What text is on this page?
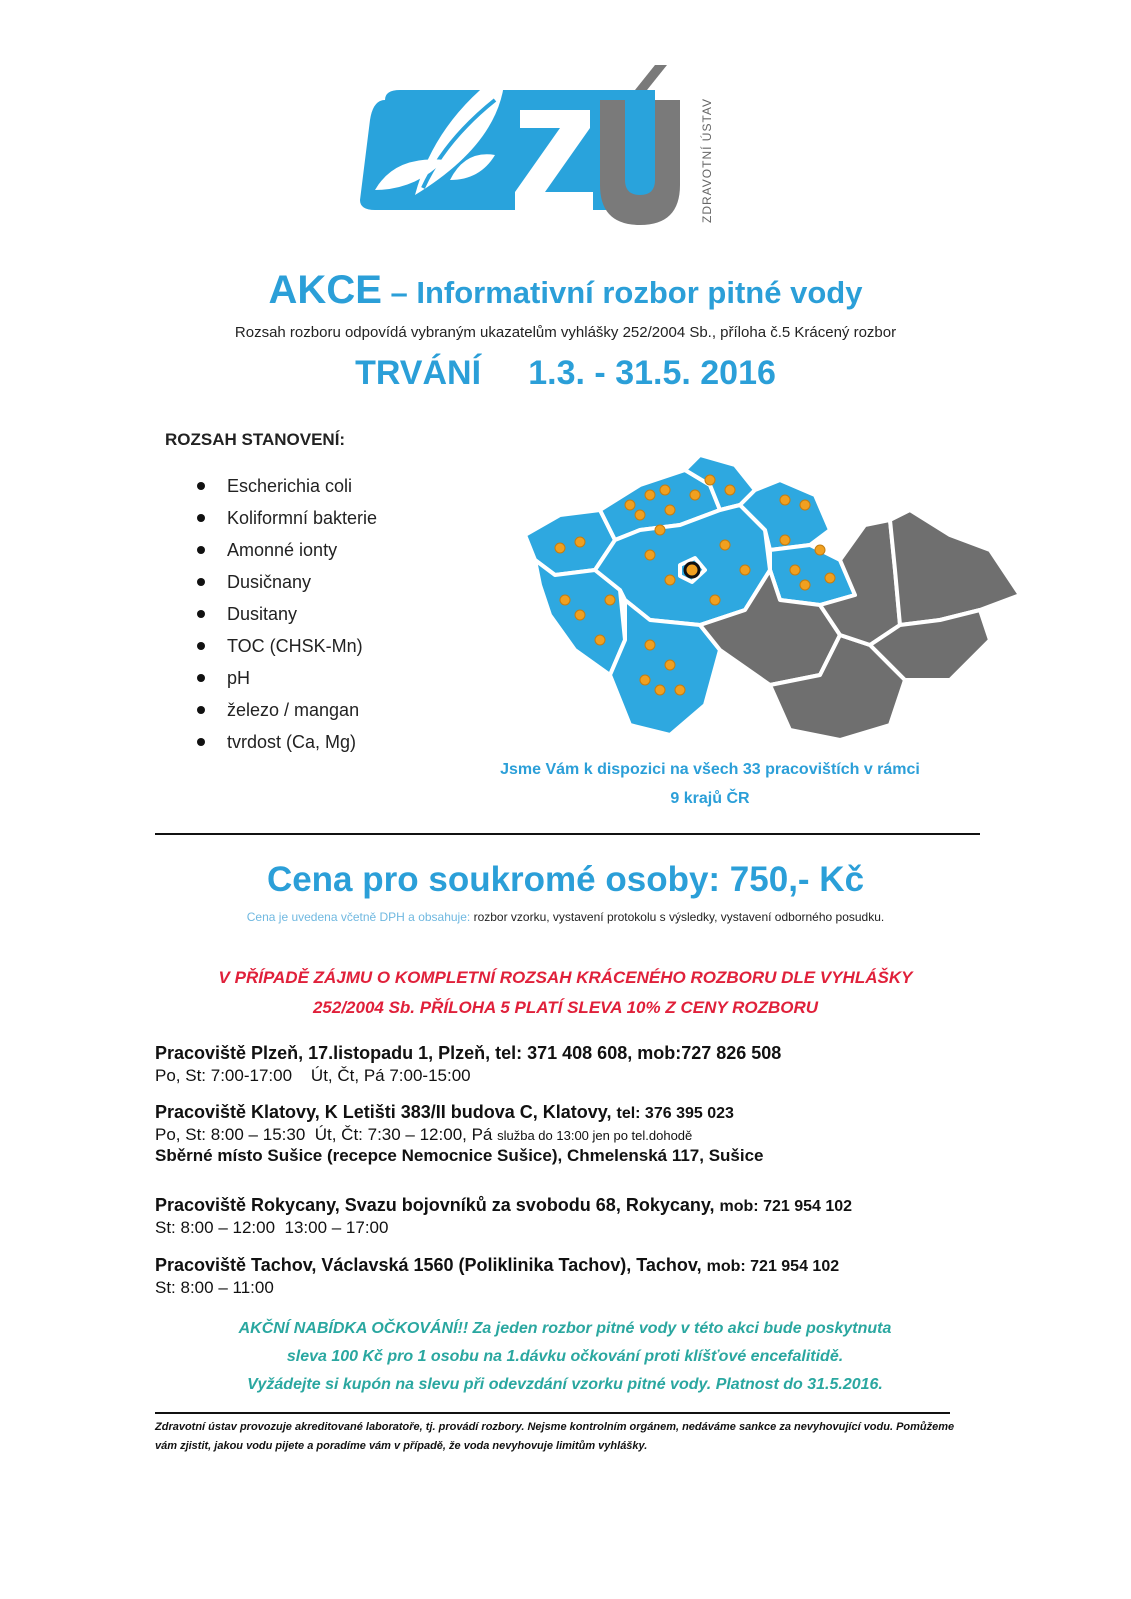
ZDRAVOTNÍ ÚSTAV
AKCE – Informativní rozbor pitné vody
Rozsah rozboru odpovídá vybraným ukazatelům vyhlášky 252/2004 Sb., příloha č.5 Krácený rozbor
TRVÁNÍ     1.3. - 31.5. 2016
ROZSAH STANOVENÍ:
Escherichia coli
Koliformní bakterie
Amonné ionty
Dusičnany
Dusitany
TOC (CHSK-Mn)
pH
železo / mangan
tvrdost (Ca, Mg)
Jsme Vám k dispozici na všech 33 pracovištích v rámci
9 krajů ČR
Cena pro soukromé osoby: 750,- Kč
Cena je uvedena včetně DPH a obsahuje: rozbor vzorku, vystavení protokolu s výsledky, vystavení odborného posudku.
V PŘÍPADĚ ZÁJMU O KOMPLETNÍ ROZSAH KRÁCENÉHO ROZBORU DLE VYHLÁŠKY
252/2004 Sb. PŘÍLOHA 5 PLATÍ SLEVA 10% Z CENY ROZBORU
Pracoviště Plzeň, 17.listopadu 1, Plzeň, tel: 371 408 608, mob:727 826 508
Po, St: 7:00-17:00    Út, Čt, Pá 7:00-15:00
Pracoviště Klatovy, K Letišti 383/II budova C, Klatovy, tel: 376 395 023
Po, St: 8:00 – 15:30  Út, Čt: 7:30 – 12:00, Pá služba do 13:00 jen po tel.dohodě
Sběrné místo Sušice (recepce Nemocnice Sušice), Chmelenská 117, Sušice
Pracoviště Rokycany, Svazu bojovníků za svobodu 68, Rokycany, mob: 721 954 102
St: 8:00 – 12:00  13:00 – 17:00
Pracoviště Tachov, Václavská 1560 (Poliklinika Tachov), Tachov, mob: 721 954 102
St: 8:00 – 11:00
AKČNÍ NABÍDKA OČKOVÁNÍ!! Za jeden rozbor pitné vody v této akci bude poskytnuta
sleva 100 Kč pro 1 osobu na 1.dávku očkování proti klíšťové encefalitidě.
Vyžádejte si kupón na slevu při odevzdání vzorku pitné vody. Platnost do 31.5.2016.
Zdravotní ústav provozuje akreditované laboratoře, tj. provádí rozbory. Nejsme kontrolním orgánem, nedáváme sankce za nevyhovující vodu. Pomůžeme vám zjistit, jakou vodu pijete a poradíme vám v případě, že voda nevyhovuje limitům vyhlášky.
